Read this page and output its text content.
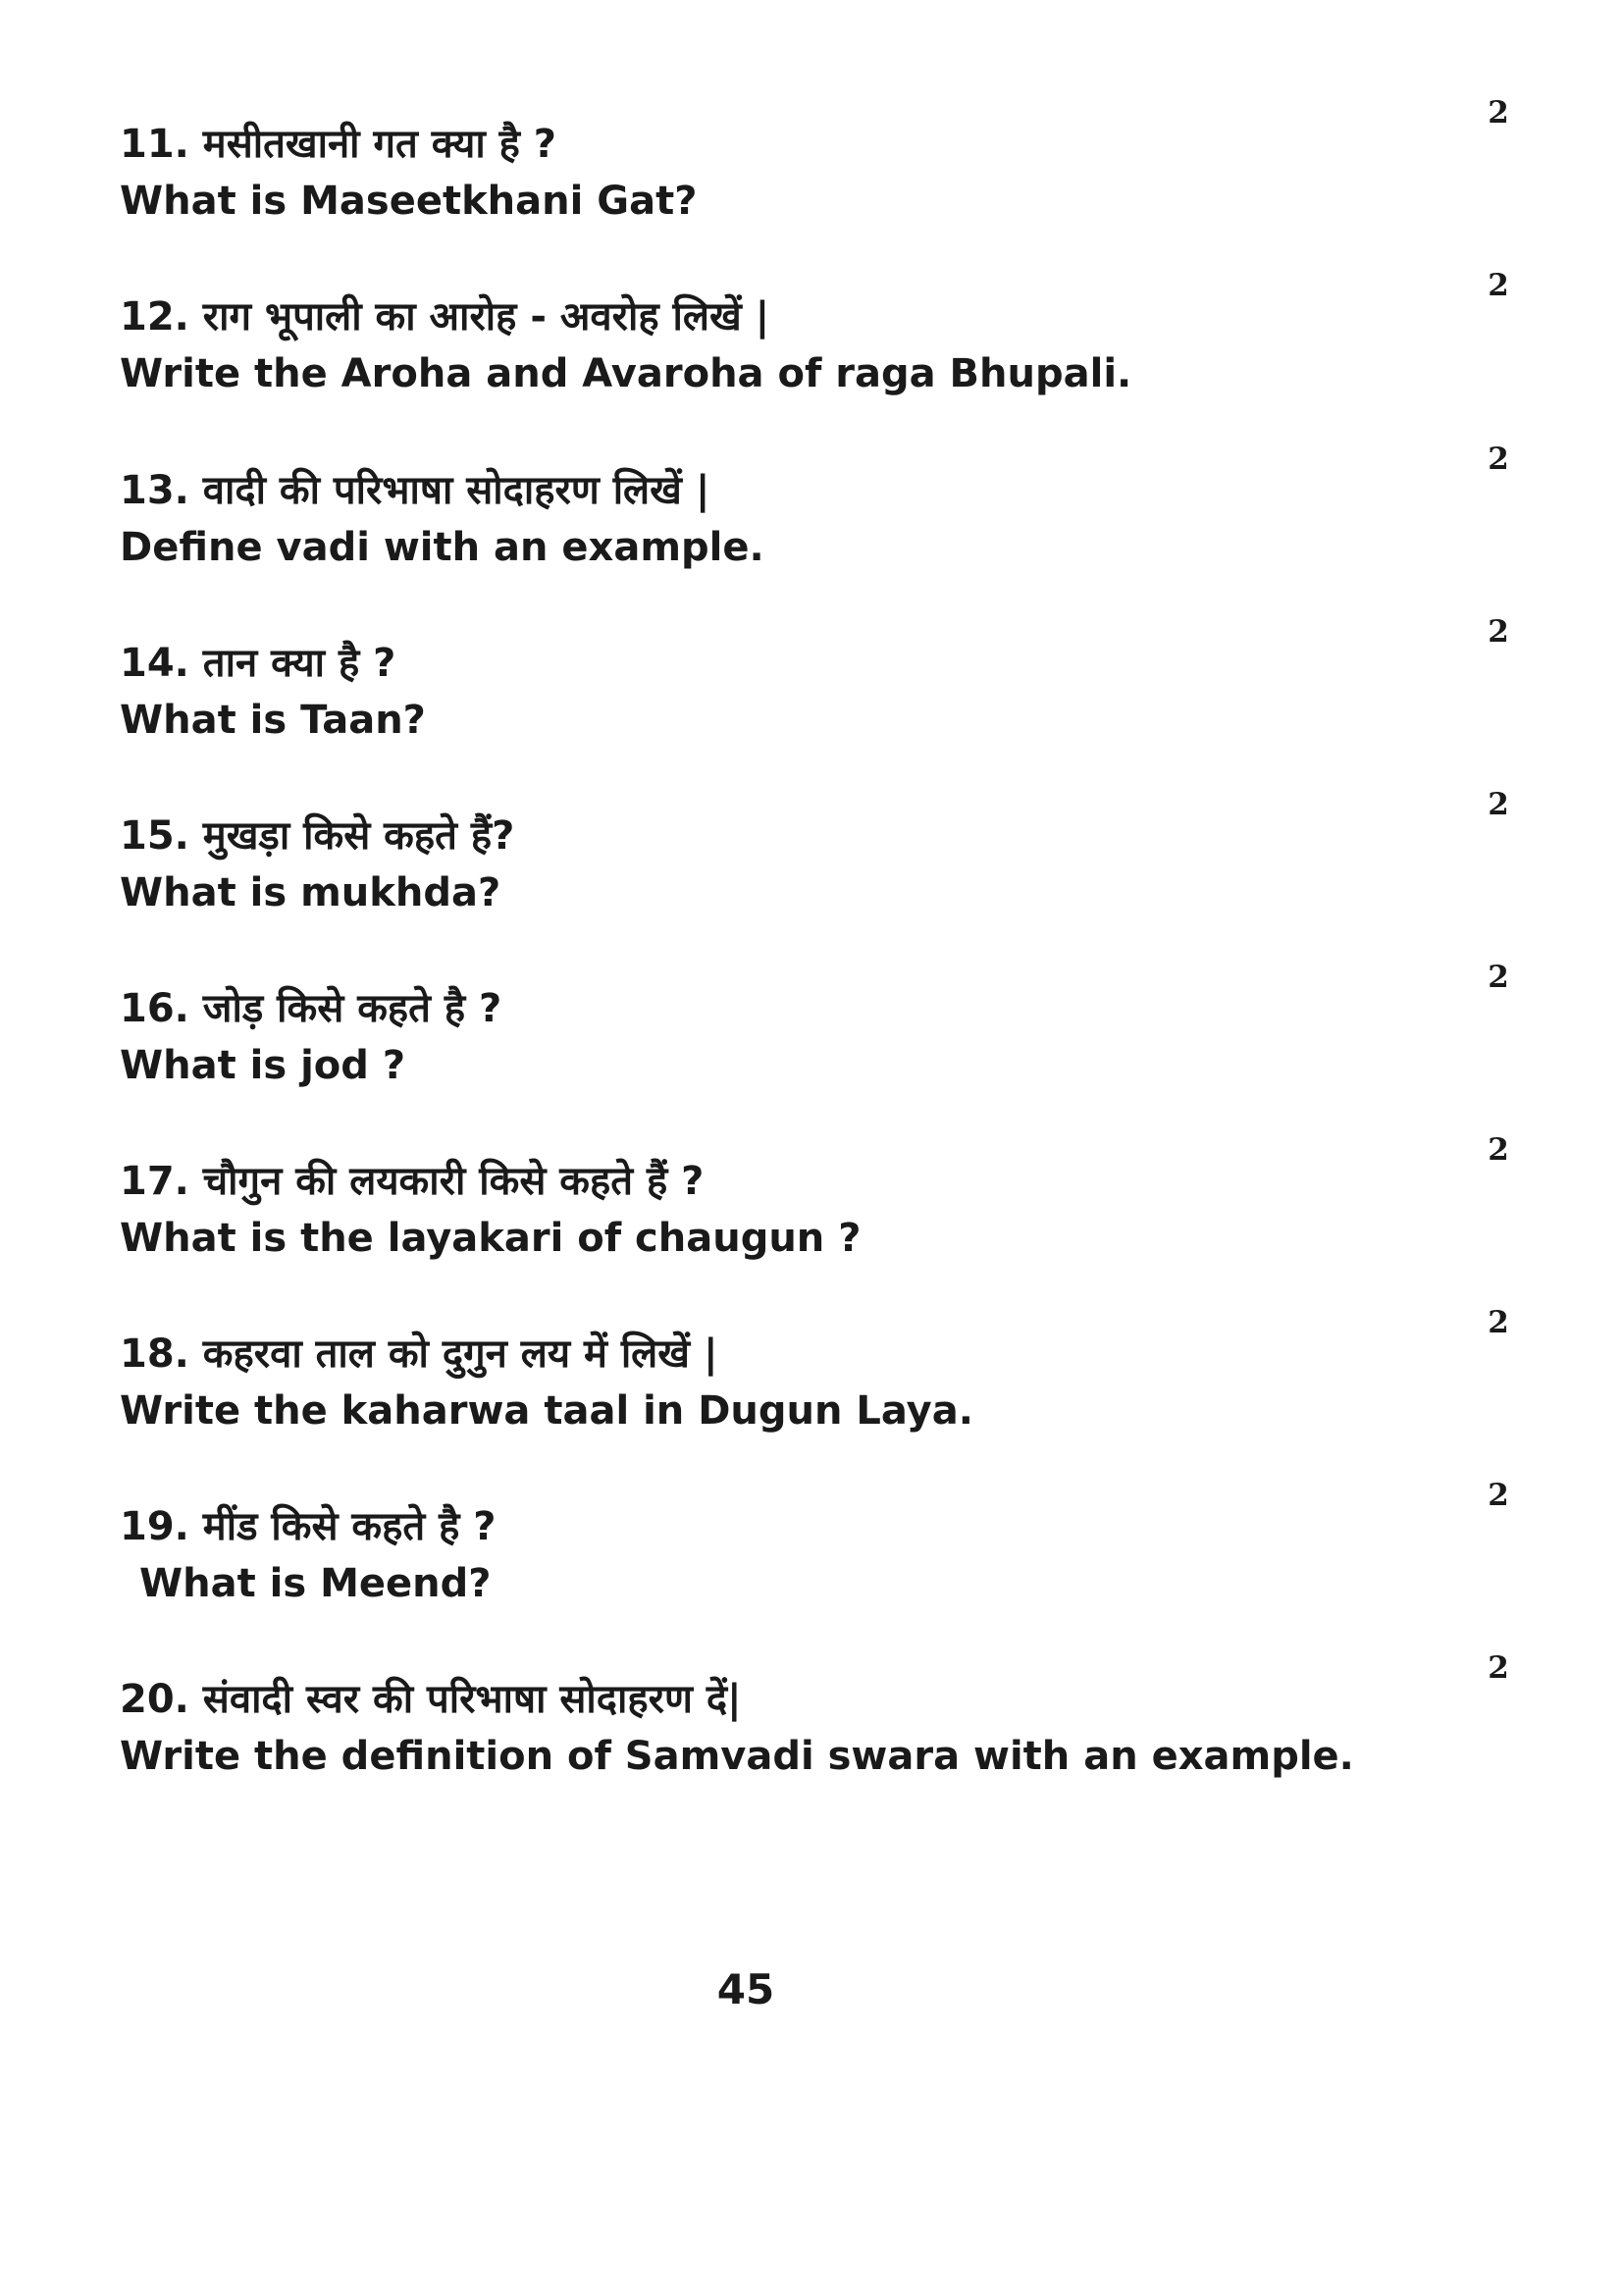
11. मसीतखानी गत क्या है ?
What is Maseetkhani Gat?
2
12. राग भूपाली का आरोह - अवरोह लिखें |
Write the Aroha and Avaroha of raga Bhupali.
2
13. वादी की परिभाषा सोदाहरण लिखें |
Define vadi with an example.
2
14. तान क्या है ?
What is Taan?
2
15. मुखड़ा किसे कहते हैं?
What is mukhda?
2
16. जोड़ किसे कहते है ?
What is jod ?
2
17. चौगुन की लयकारी किसे कहते हैं ?
What is the layakari of chaugun ?
2
18. कहरवा ताल को दुगुन लय में लिखें |
Write the kaharwa taal in Dugun Laya.
2
19. मींड किसे कहते है ?
What is Meend?
2
20. संवादी स्वर की परिभाषा सोदाहरण दें|
Write the definition of Samvadi swara with an example.
2
45
